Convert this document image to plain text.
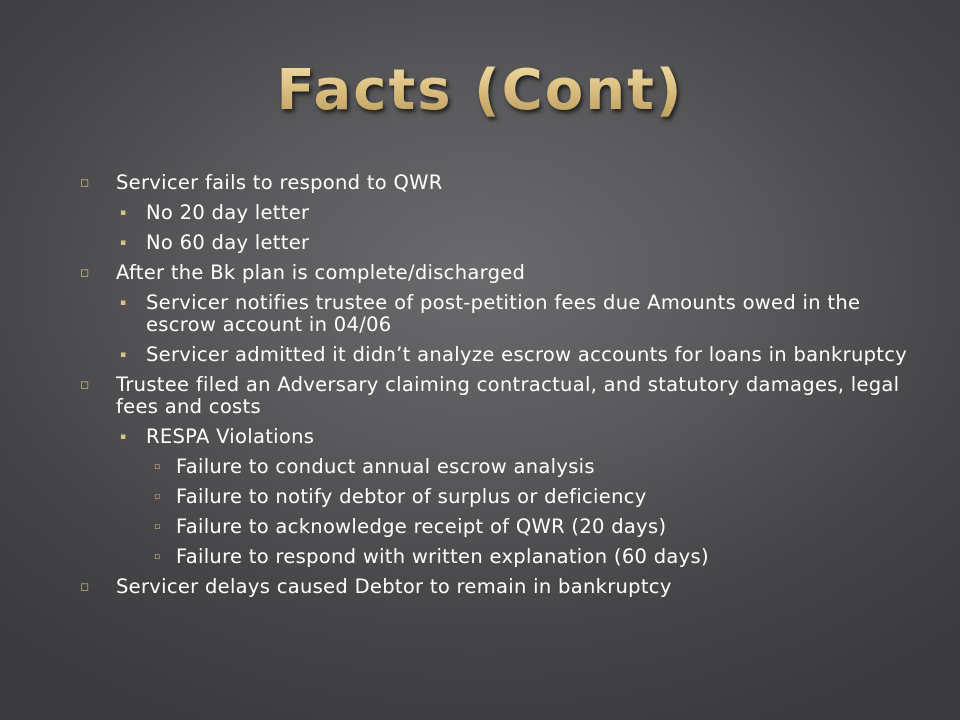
Facts (Cont)
◻ Servicer fails to respond to QWR
▪ No 20 day letter
▪ No 60 day letter
◻ After the Bk plan is complete/discharged
▪ Servicer notifies trustee of post-petition fees due Amounts owed in the escrow account in 04/06
▪ Servicer admitted it didn’t analyze escrow accounts for loans in bankruptcy
◻ Trustee filed an Adversary claiming contractual, and statutory damages, legal fees and costs
▪ RESPA Violations
▫ Failure to conduct annual escrow analysis
▫ Failure to notify debtor of surplus or deficiency
▫ Failure to acknowledge receipt of QWR (20 days)
▫ Failure to respond with written explanation (60 days)
◻ Servicer delays caused Debtor to remain in bankruptcy
